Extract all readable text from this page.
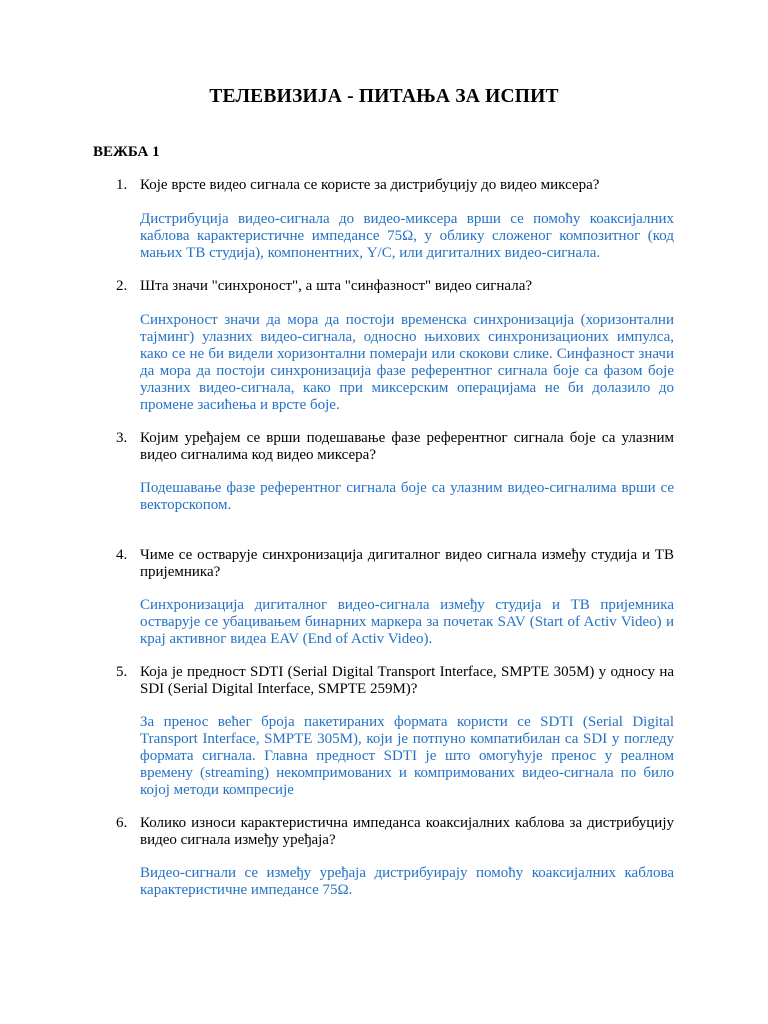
ТЕЛЕВИЗИЈА - ПИТАЊА ЗА ИСПИТ
ВЕЖБА 1
1. Које врсте видео сигнала се користе за дистрибуцију до видео миксера?
Дистрибуција видео-сигнала до видео-миксера врши се помоћу коаксијалних каблова карактеристичне импедансе 75Ω, у облику сложеног композитног (код мањих ТВ студија), компонентних, Y/C, или дигиталних видео-сигнала.
2. Шта значи "синхроност", а шта "синфазност" видео сигнала?
Синхроност значи да мора да постоји временска синхронизација (хоризонтални тајминг) улазних видео-сигнала, односно њихових синхронизационих импулса, како се не би видели хоризонтални помераји или скокови слике. Синфазност значи да мора да постоји синхронизација фазе референтног сигнала боје са фазом боје улазних видео-сигнала, како при миксерским операцијама не би долазило до промене засићења и врсте боје.
3. Којим уређајем се врши подешавање фазе референтног сигнала боје са улазним видео сигналима код видео миксера?
Подешавање фазе референтног сигнала боје са улазним видео-сигналима врши се векторскопом.
4. Чиме се остварује синхронизација дигиталног видео сигнала између студија и ТВ пријемника?
Синхронизација дигиталног видео-сигнала између студија и ТВ пријемника остварује се убацивањем бинарних маркера за почетак SAV (Start of Activ Video) и крај активног видеа EAV (End of Activ Video).
5. Која је предност SDTI (Serial Digital Transport Interface, SMPTE 305M) у односу на SDI (Serial Digital Interface, SMPTE 259M)?
За пренос већег броја пакетираних формата користи се SDTI (Serial Digital Transport Interface, SMPTE 305M), који је потпуно компатибилан са SDI у погледу формата сигнала. Главна предност SDTI је што омогућује пренос у реалном времену (streaming) некомпримованих и компримованих видео-сигнала по било којој методи компресије
6. Колико износи карактеристична импеданса коаксијалних каблова за дистрибуцију видео сигнала између уређаја?
Видео-сигнали се између уређаја дистрибуирају помоћу коаксијалних каблова карактеристичне импедансе 75Ω.
